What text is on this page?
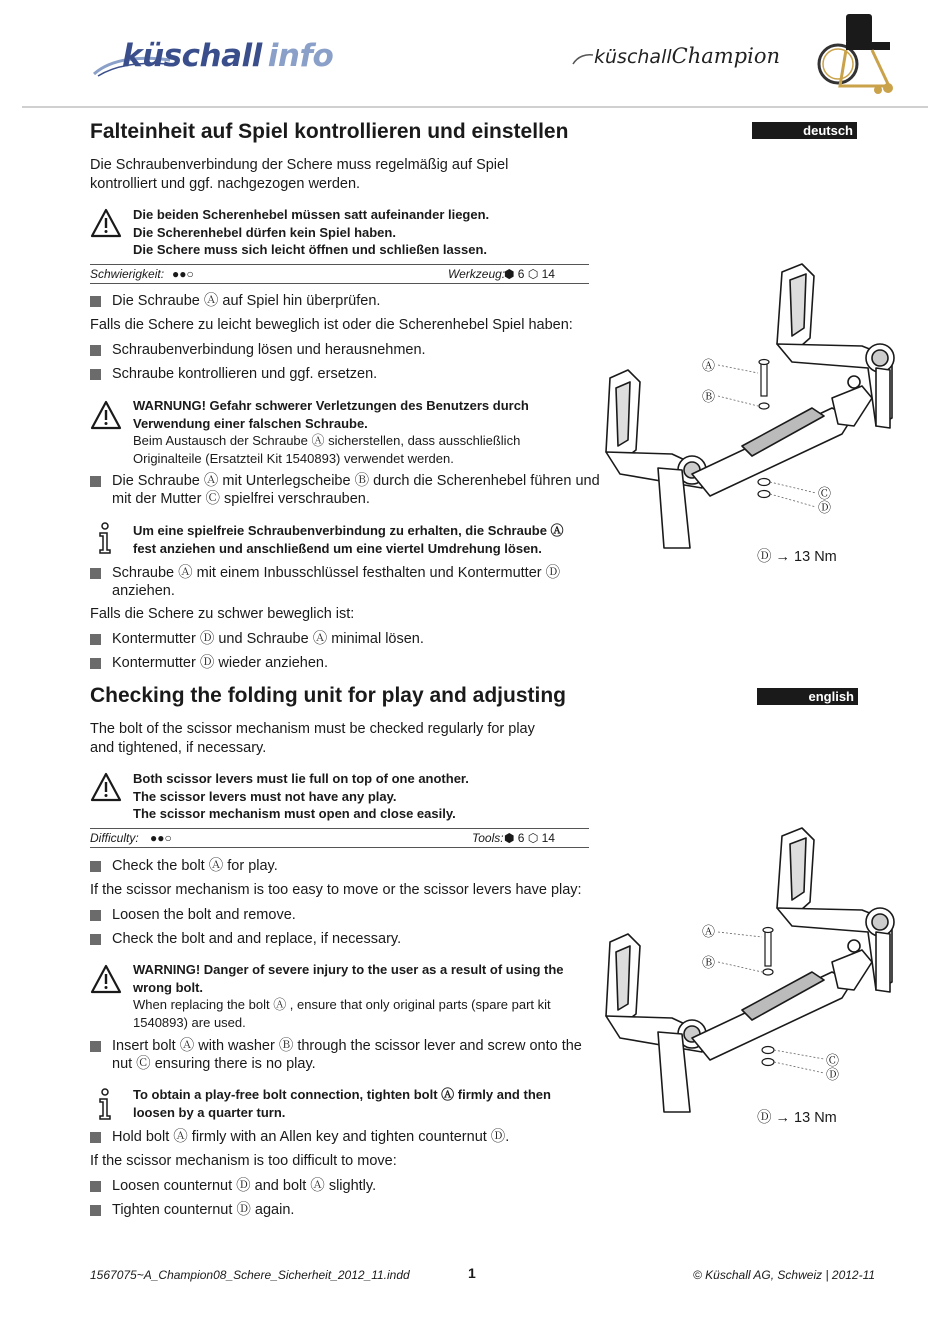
küschall info	küschallChampion
Falteinheit auf Spiel kontrollieren und einstellen	deutsch
Die Schraubenverbindung der Schere muss regelmäßig auf Spiel
kontrolliert und ggf. nachgezogen werden.
Die beiden Scherenhebel müssen satt aufeinander liegen.
Die Scherenhebel dürfen kein Spiel haben.
Die Schere muss sich leicht öffnen und schließen lassen.
Schwierigkeit: ●●○	Werkzeug:
⬢ 6 ⬡ 14
Die Schraube Ⓐ auf Spiel hin überprüfen.
Falls die Schere zu leicht beweglich ist oder die Scherenhebel Spiel haben:
Schraubenverbindung lösen und herausnehmen.
Schraube kontrollieren und ggf. ersetzen.
WARNUNG! Gefahr schwerer Verletzungen des Benutzers durch
Verwendung einer falschen Schraube.
Beim Austausch der Schraube Ⓐ sicherstellen, dass ausschließlich
Originalteile (Ersatzteil Kit 1540893) verwendet werden.
Die Schraube Ⓐ mit Unterlegscheibe Ⓑ durch die Scherenhebel führen und
mit der Mutter Ⓒ spielfrei verschrauben.
Um eine spielfreie Schraubenverbindung zu erhalten, die Schraube Ⓐ
fest anziehen und anschließend um eine viertel Umdrehung lösen.
Schraube Ⓐ mit einem Inbusschlüssel festhalten und Kontermutter Ⓓ
anziehen.
Falls die Schere zu schwer beweglich ist:
Kontermutter Ⓓ und Schraube Ⓐ minimal lösen.
Kontermutter Ⓓ wieder anziehen.
Ⓐ
Ⓑ
Ⓒ
Ⓓ
Ⓓ → 13 Nm
Checking the folding unit for play and adjusting	english
The bolt of the scissor mechanism must be checked regularly for play
and tightened, if necessary.
Both scissor levers must lie full on top of one another.
The scissor levers must not have any play.
The scissor mechanism must open and close easily.
Difficulty: ●●○	Tools: ⬢ 6 ⬡ 14
Check the bolt Ⓐ for play.
If the scissor mechanism is too easy to move or the scissor levers have play:
Loosen the bolt and remove.
Check the bolt and and replace, if necessary.
WARNING! Danger of severe injury to the user as a result of using the
wrong bolt.
When replacing the bolt Ⓐ , ensure that only original parts (spare part kit
1540893) are used.
Insert bolt Ⓐ with washer Ⓑ through the scissor lever and screw onto the
nut Ⓒ ensuring there is no play.
To obtain a play-free bolt connection, tighten bolt Ⓐ firmly and then
loosen by a quarter turn.
Hold bolt Ⓐ firmly with an Allen key and tighten counternut Ⓓ.
If the scissor mechanism is too difficult to move:
Loosen counternut Ⓓ and bolt Ⓐ slightly.
Tighten counternut Ⓓ again.
Ⓐ
Ⓑ
Ⓒ
Ⓓ
Ⓓ → 13 Nm
1567075~A_Champion08_Schere_Sicherheit_2012_11.indd	1	© Küschall AG, Schweiz | 2012-11
